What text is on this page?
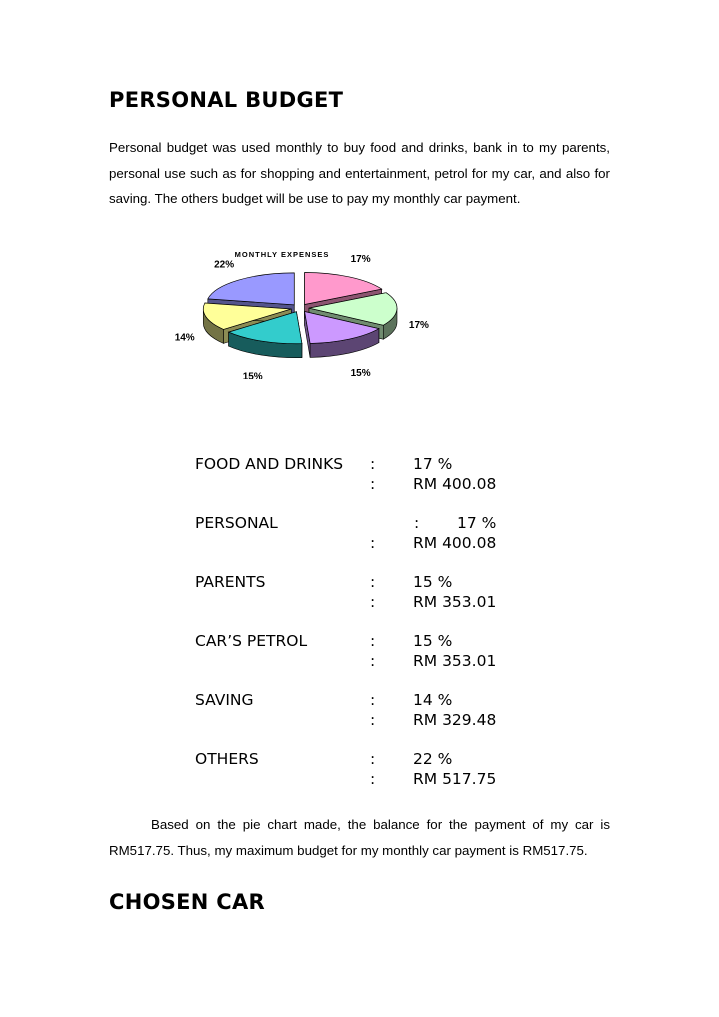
PERSONAL BUDGET

Personal budget was used monthly to buy food and drinks, bank in to my parents, personal use such as for shopping and entertainment, petrol for my car, and also for saving. The others budget will be use to pay my monthly car payment.

MONTHLY EXPENSES 17%
17%
15%
15%
14%
22%
FOOD AND DRINKS : 17 %
: RM 400.08
PERSONAL	: 17 %
: RM 400.08
PARENTS	: 15 %
: RM 353.01
CAR’S PETROL	: 15 %
: RM 353.01
SAVING	: 14 %
: RM 329.48
OTHERS	: 22 %
: RM 517.75

Based on the pie chart made, the balance for the payment of my car is RM517.75. Thus, my maximum budget for my monthly car payment is RM517.75.

CHOSEN CAR
